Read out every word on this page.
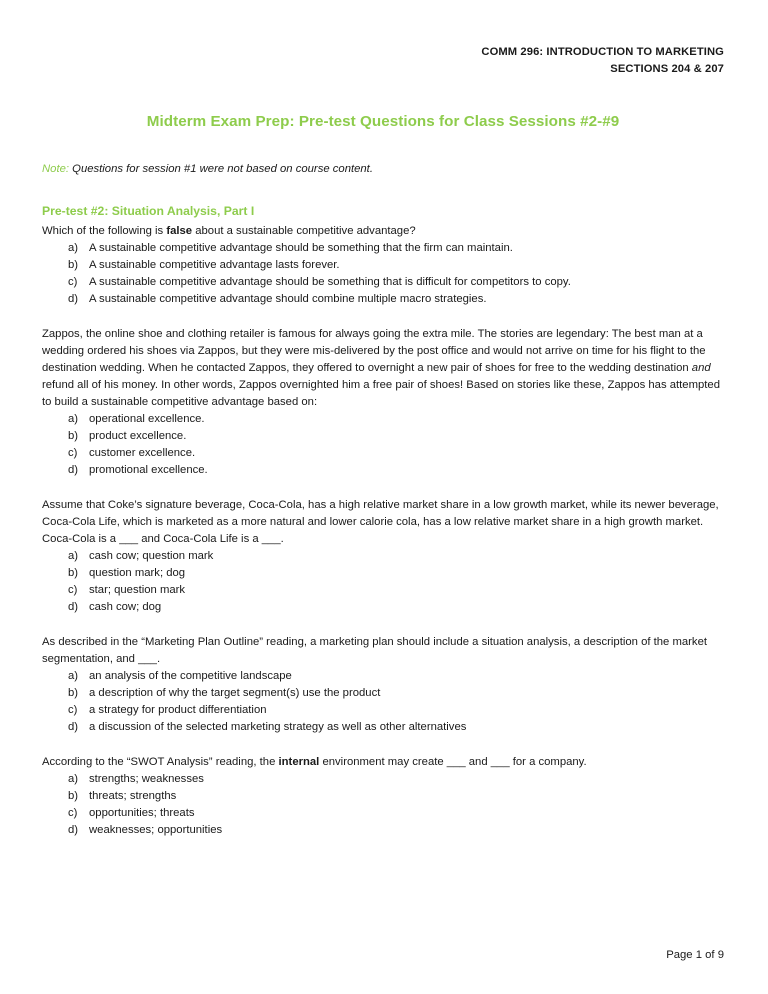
COMM 296: INTRODUCTION TO MARKETING
SECTIONS 204 & 207
Midterm Exam Prep: Pre-test Questions for Class Sessions #2-#9

Note: Questions for session #1 were not based on course content.

Pre-test #2: Situation Analysis, Part I

Which of the following is false about a sustainable competitive advantage?

a) A sustainable competitive advantage should be something that the firm can maintain.
b) A sustainable competitive advantage lasts forever.
c)	A sustainable competitive advantage should be something that is difficult for competitors to copy.
d) A sustainable competitive advantage should combine multiple macro strategies.

Zappos, the online shoe and clothing retailer is famous for always going the extra mile. The stories are legendary: The best man at a wedding ordered his shoes via Zappos, but they were mis-delivered by the post office and would not arrive on time for his flight to the destination wedding. When he contacted Zappos, they offered to overnight a new pair of shoes for free to the wedding destination and refund all of his money. In other words, Zappos overnighted him a free pair of shoes! Based on stories like these, Zappos has attempted to build a sustainable competitive advantage based on:

a) operational excellence.
b) product excellence.
c)	customer excellence.
d) promotional excellence.

Assume that Coke’s signature beverage, Coca-Cola, has a high relative market share in a low growth market, while its newer beverage, Coca-Cola Life, which is marketed as a more natural and lower calorie cola, has a low relative market share in a high growth market. Coca-Cola is a ___ and Coca-Cola Life is a ___.

a) cash cow; question mark
b) question mark; dog
c)	star; question mark
d) cash cow; dog

As described in the “Marketing Plan Outline” reading, a marketing plan should include a situation analysis, a description of the market segmentation, and ___.

a) an analysis of the competitive landscape
b) a description of why the target segment(s) use the product
c)	a strategy for product differentiation
d) a discussion of the selected marketing strategy as well as other alternatives

According to the “SWOT Analysis” reading, the internal environment may create ___ and ___ for a company.

a) strengths; weaknesses
b) threats; strengths
c)	opportunities; threats
d) weaknesses; opportunities
Page 1 of 9
